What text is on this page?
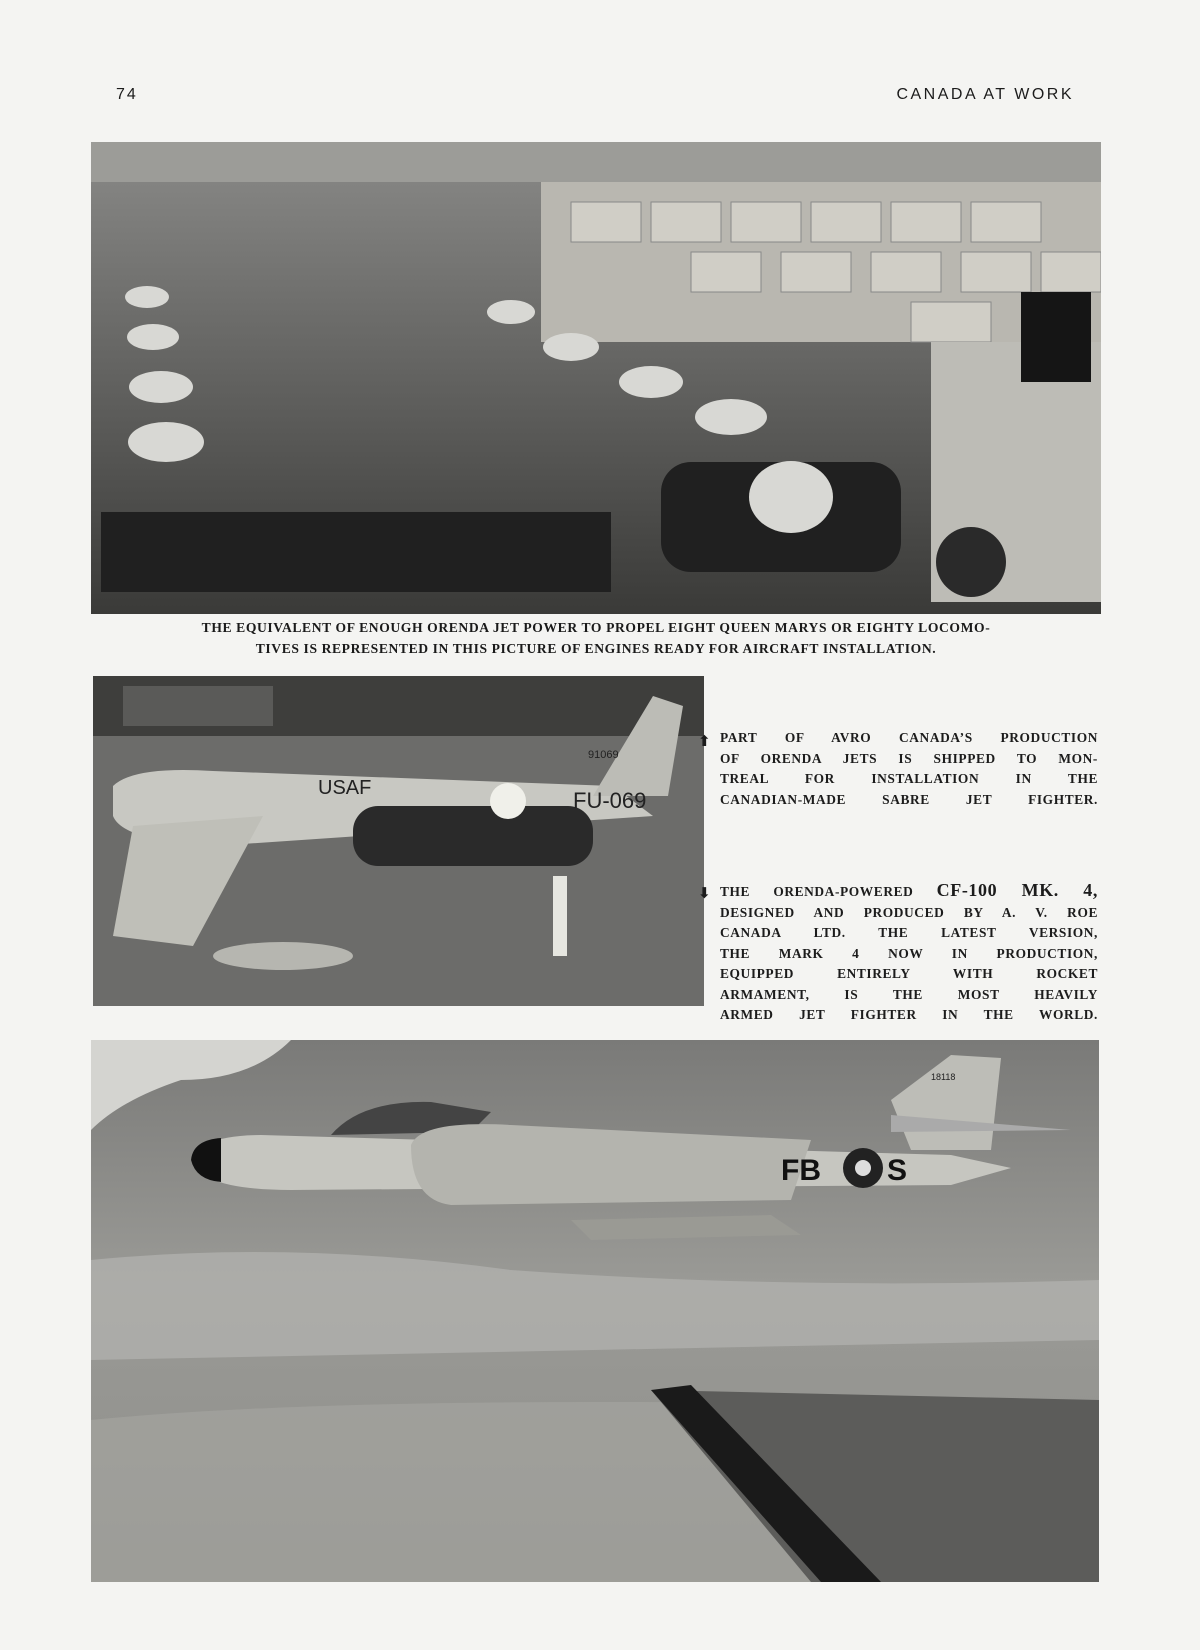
74	CANADA AT WORK
THE EQUIVALENT OF ENOUGH ORENDA JET POWER TO PROPEL EIGHT QUEEN MARYS OR EIGHTY LOCOMO-
TIVES IS REPRESENTED IN THIS PICTURE OF ENGINES READY FOR AIRCRAFT INSTALLATION.
FU-069
91069
USAF
⬆ PART OF AVRO CANADA’S PRODUCTION

OF ORENDA JETS IS SHIPPED TO MON-

TREAL FOR INSTALLATION IN THE

CANADIAN-MADE SABRE JET FIGHTER.

⬇ THE ORENDA-POWERED CF-100 MK. 4,

DESIGNED AND PRODUCED BY A. V. ROE

CANADA LTD. THE LATEST VERSION,

THE MARK 4 NOW IN PRODUCTION,

EQUIPPED ENTIRELY WITH ROCKET

ARMAMENT, IS THE MOST HEAVILY

ARMED JET FIGHTER IN THE WORLD.

FB S
18118
